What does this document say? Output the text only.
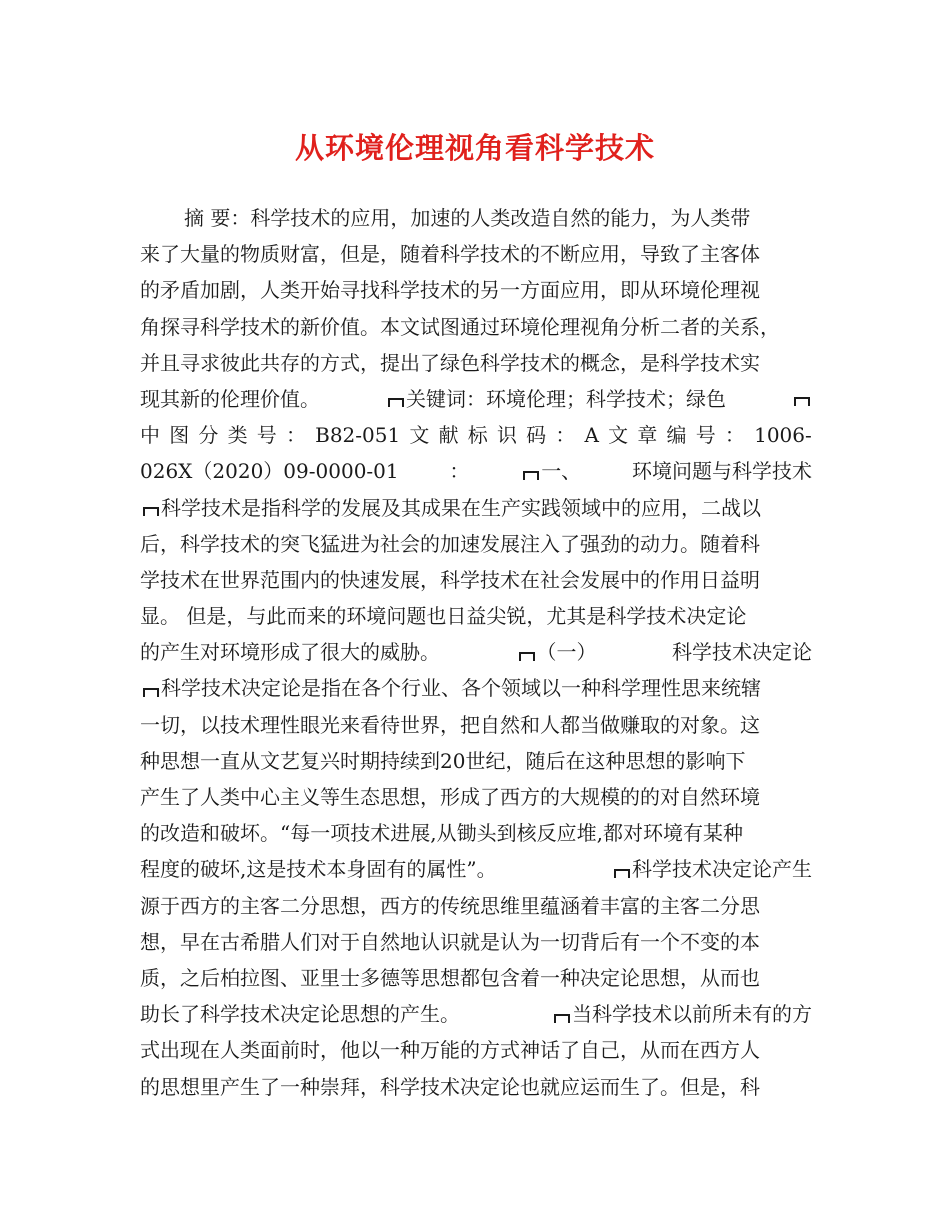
从环境伦理视角看科学技术
摘 要：科学技术的应用，加速的人类改造自然的能力，为人类带
来了大量的物质财富，但是，随着科学技术的不断应用，导致了主客体
的矛盾加剧，人类开始寻找科学技术的另一方面应用，即从环境伦理视
角探寻科学技术的新价值。本文试图通过环境伦理视角分析二者的关系，
并且寻求彼此共存的方式，提出了绿色科学技术的概念，是科学技术实
现其新的伦理价值。	关键词：环境伦理；科学技术；绿色
中 图 分 类 号 ： B82-051 文 献 标 识 码 ： A 文 章 编 号 ： 1006-
026X（2020）09-0000-01	：	一、	环境问题与科学技术
科学技术是指科学的发展及其成果在生产实践领域中的应用，二战以
后，科学技术的突飞猛进为社会的加速发展注入了强劲的动力。随着科
学技术在世界范围内的快速发展，科学技术在社会发展中的作用日益明
显。 但是，与此而来的环境问题也日益尖锐，尤其是科学技术决定论
的产生对环境形成了很大的威胁。	（一）	科学技术决定论
科学技术决定论是指在各个行业、各个领域以一种科学理性思来统辖
一切，以技术理性眼光来看待世界，把自然和人都当做赚取的对象。这
种思想一直从文艺复兴时期持续到20世纪，随后在这种思想的影响下
产生了人类中心主义等生态思想，形成了西方的大规模的的对自然环境
的改造和破坏。“每一项技术进展,从锄头到核反应堆,都对环境有某种
程度的破坏,这是技术本身固有的属性”。	科学技术决定论产生
源于西方的主客二分思想，西方的传统思维里蕴涵着丰富的主客二分思
想，早在古希腊人们对于自然地认识就是认为一切背后有一个不变的本
质，之后柏拉图、亚里士多德等思想都包含着一种决定论思想，从而也
助长了科学技术决定论思想的产生。	当科学技术以前所未有的方
式出现在人类面前时，他以一种万能的方式神话了自己，从而在西方人
的思想里产生了一种崇拜，科学技术决定论也就应运而生了。但是，科
